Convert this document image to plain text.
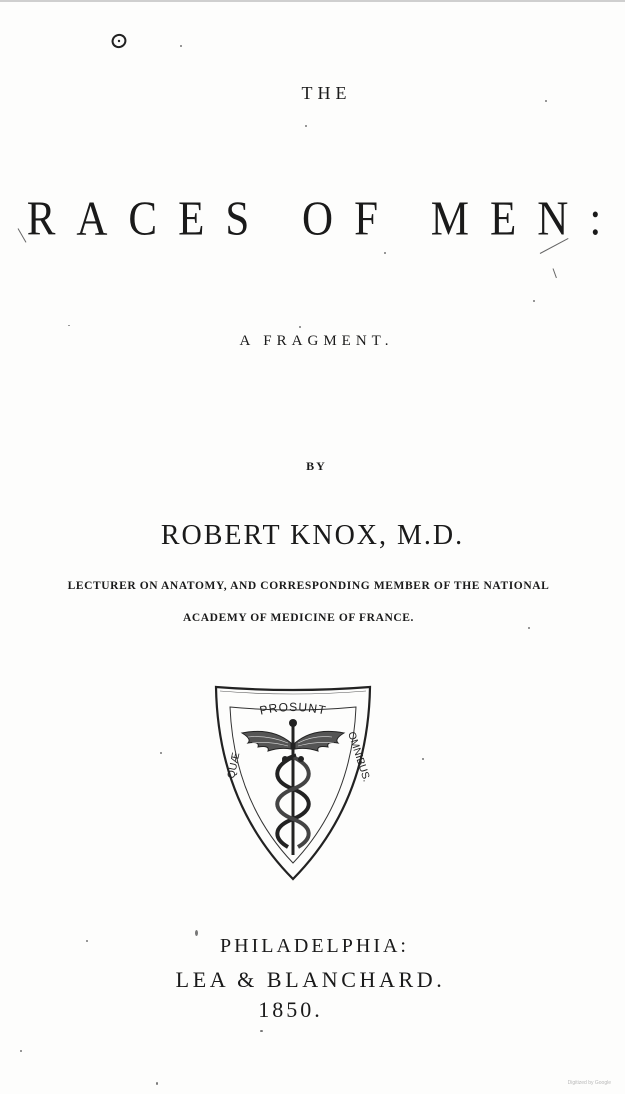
THE
RACES OF MEN:
A FRAGMENT.
BY
ROBERT KNOX, M.D.
LECTURER ON ANATOMY, AND CORRESPONDING MEMBER OF THE NATIONAL
ACADEMY OF MEDICINE OF FRANCE.
PROSUNT
QUÆ	OMNIBUS.
PHILADELPHIA:
LEA & BLANCHARD.
1850.
Digitized by Google
